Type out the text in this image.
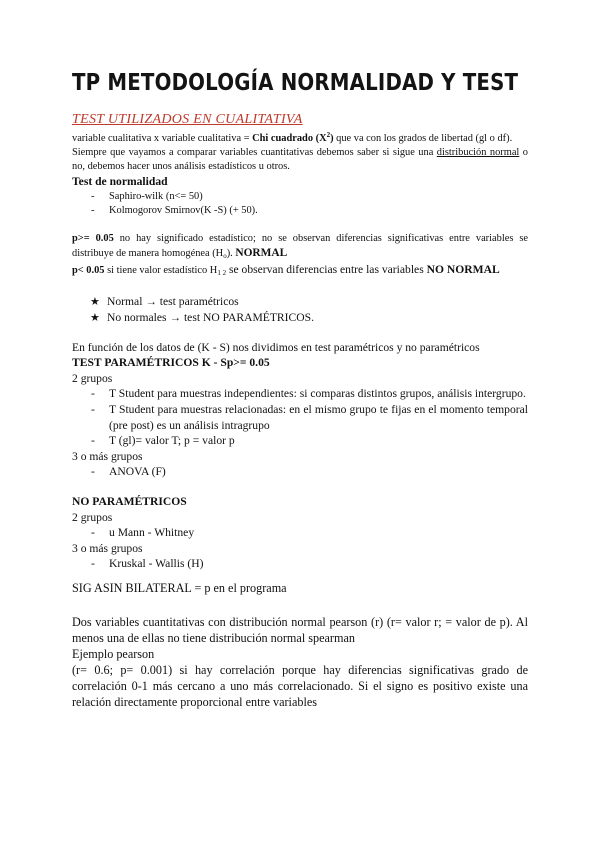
TP METODOLOGÍA NORMALIDAD Y TEST

TEST UTILIZADOS EN CUALITATIVA

variable cualitativa x variable cualitativa = Chi cuadrado $(X^2)$ que va con los grados de libertad (gl o df).

Siempre que vayamos a comparar variables cuantitativas debemos saber si sigue una distribución normal o no, debemos hacer unos análisis estadísticos u otros.

Test de normalidad

- Saphiro-wilk (n<= 50)
- Kolmogorov Smirnov(K -S) (+ 50).

p>= 0.05 no hay significado estadístico; no se observan diferencias significativas entre variables se distribuye de manera homogénea $(H_o)$. NORMAL

p< 0.05 si tiene valor estadístico $H_{1 2}$ se observan diferencias entre las variables NO NORMAL

★ Normal → test paramétricos
★ No normales → test NO PARAMÉTRICOS.

En función de los datos de (K - S) nos dividimos en test paramétricos y no paramétricos

TEST PARAMÉTRICOS K - Sp>= 0.05

2 grupos

- T Student para muestras independientes: si comparas distintos grupos, análisis intergrupo.
- T Student para muestras relacionadas: en el mismo grupo te fijas en el momento temporal (pre post) es un análisis intragrupo
- T (gl)= valor T; p = valor p

3 o más grupos

- ANOVA (F)

NO PARAMÉTRICOS

2 grupos

- u Mann - Whitney

3 o más grupos

- Kruskal - Wallis (H)

SIG ASIN BILATERAL = p en el programa

Dos variables cuantitativas con distribución normal pearson (r) (r= valor r; = valor de p). Al menos una de ellas no tiene distribución normal spearman

Ejemplo pearson

(r= 0.6; p= 0.001) si hay correlación porque hay diferencias significativas grado de correlación 0-1 más cercano a uno más correlacionado. Si el signo es positivo existe una relación directamente proporcional entre variables
